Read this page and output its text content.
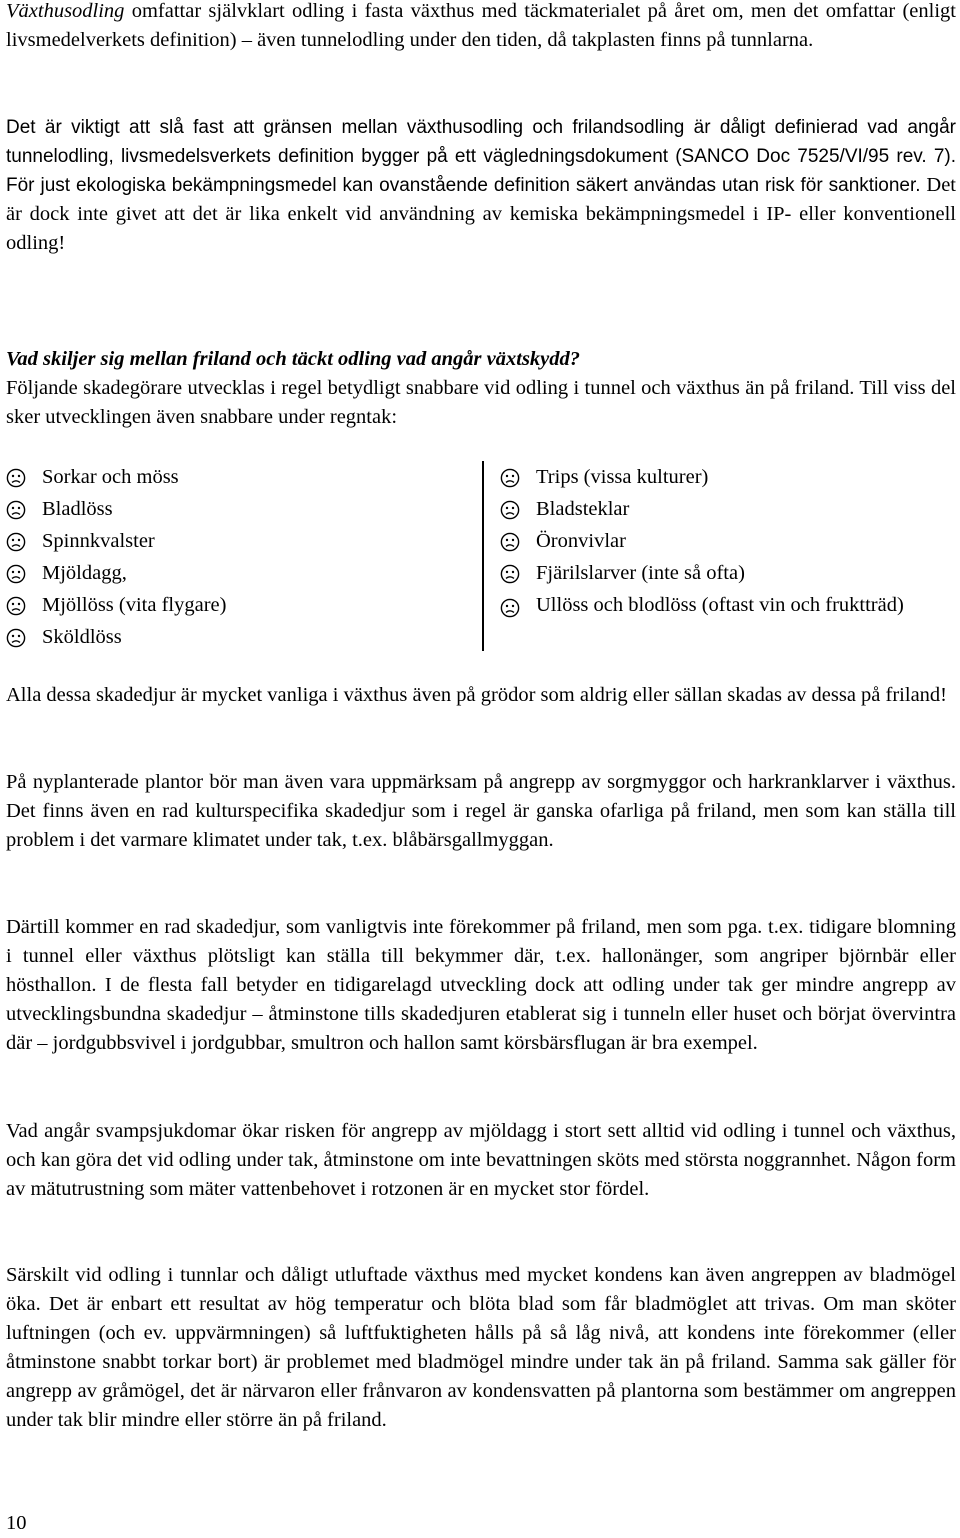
Växthusodling omfattar självklart odling i fasta växthus med täckmaterialet på året om, men det omfattar (enligt livsmedelverkets definition) – även tunnelodling under den tiden, då takplasten finns på tunnlarna.

Det är viktigt att slå fast att gränsen mellan växthusodling och frilandsodling är dåligt definierad vad angår tunnelodling, livsmedelsverkets definition bygger på ett vägledningsdokument (SANCO Doc 7525/VI/95 rev. 7). För just ekologiska bekämpningsmedel kan ovanstående definition säkert användas utan risk för sanktioner. Det är dock inte givet att det är lika enkelt vid användning av kemiska bekämpningsmedel i IP- eller konventionell odling!

Vad skiljer sig mellan friland och täckt odling vad angår växtskydd?

Följande skadegörare utvecklas i regel betydligt snabbare vid odling i tunnel och växthus än på friland. Till viss del sker utvecklingen även snabbare under regntak:

Sorkar och möss
Bladlöss
Spinnkvalster
Mjöldagg,
Mjöllöss (vita flygare)
Sköldlöss
Trips (vissa kulturer)
Bladsteklar
Öronvivlar
Fjärilslarver (inte så ofta)
Ullöss och blodlöss (oftast vin och fruktträd)

Alla dessa skadedjur är mycket vanliga i växthus även på grödor som aldrig eller sällan skadas av dessa på friland!

På nyplanterade plantor bör man även vara uppmärksam på angrepp av sorgmyggor och harkranklarver i växthus. Det finns även en rad kulturspecifika skadedjur som i regel är ganska ofarliga på friland, men som kan ställa till problem i det varmare klimatet under tak, t.ex. blåbärsgallmyggan.

Därtill kommer en rad skadedjur, som vanligtvis inte förekommer på friland, men som pga. t.ex. tidigare blomning i tunnel eller växthus plötsligt kan ställa till bekymmer där, t.ex. hallonänger, som angriper björnbär eller hösthallon. I de flesta fall betyder en tidigarelagd utveckling dock att odling under tak ger mindre angrepp av utvecklingsbundna skadedjur – åtminstone tills skadedjuren etablerat sig i tunneln eller huset och börjat övervintra där – jordgubbsvivel i jordgubbar, smultron och hallon samt körsbärsflugan är bra exempel.

Vad angår svampsjukdomar ökar risken för angrepp av mjöldagg i stort sett alltid vid odling i tunnel och växthus, och kan göra det vid odling under tak, åtminstone om inte bevattningen sköts med största noggrannhet. Någon form av mätutrustning som mäter vattenbehovet i rotzonen är en mycket stor fördel.

Särskilt vid odling i tunnlar och dåligt utluftade växthus med mycket kondens kan även angreppen av bladmögel öka. Det är enbart ett resultat av hög temperatur och blöta blad som får bladmöglet att trivas. Om man sköter luftningen (och ev. uppvärmningen) så luftfuktigheten hålls på så låg nivå, att kondens inte förekommer (eller åtminstone snabbt torkar bort) är problemet med bladmögel mindre under tak än på friland. Samma sak gäller för angrepp av gråmögel, det är närvaron eller frånvaron av kondensvatten på plantorna som bestämmer om angreppen under tak blir mindre eller större än på friland.

10
